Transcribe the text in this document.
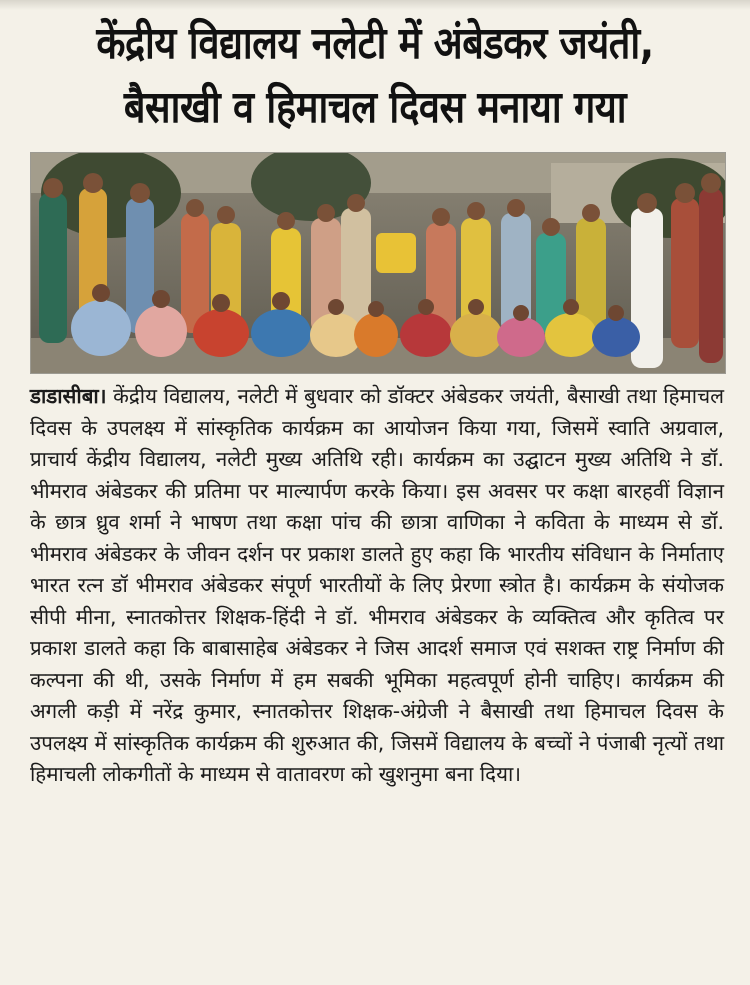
केंद्रीय विद्यालय नलेटी में अंबेडकर जयंती,
बैसाखी व हिमाचल दिवस मनाया गया
डाडासीबा। केंद्रीय विद्यालय, नलेटी में बुधवार को डॉक्टर अंबेडकर जयंती, बैसाखी तथा हिमाचल दिवस के उपलक्ष्य में सांस्कृतिक कार्यक्रम का आयोजन किया गया, जिसमें स्वाति अग्रवाल, प्राचार्य केंद्रीय विद्यालय, नलेटी मुख्य अतिथि रही। कार्यक्रम का उद्घाटन मुख्य अतिथि ने डॉ. भीमराव अंबेडकर की प्रतिमा पर माल्यार्पण करके किया। इस अवसर पर कक्षा बारहवीं विज्ञान के छात्र ध्रुव शर्मा ने भाषण तथा कक्षा पांच की छात्रा वाणिका ने कविता के माध्यम से डॉ. भीमराव अंबेडकर के जीवन दर्शन पर प्रकाश डालते हुए कहा कि भारतीय संविधान के निर्माताए भारत रत्न डॉ भीमराव अंबेडकर संपूर्ण भारतीयों के लिए प्रेरणा स्त्रोत है। कार्यक्रम के संयोजक सीपी मीना, स्नातकोत्तर शिक्षक-हिंदी ने डॉ. भीमराव अंबेडकर के व्यक्तित्व और कृतित्व पर प्रकाश डालते कहा कि बाबासाहेब अंबेडकर ने जिस आदर्श समाज एवं सशक्त राष्ट्र निर्माण की कल्पना की थी, उसके निर्माण में हम सबकी भूमिका महत्वपूर्ण होनी चाहिए। कार्यक्रम की अगली कड़ी में नरेंद्र कुमार, स्नातकोत्तर शिक्षक-अंग्रेजी ने बैसाखी तथा हिमाचल दिवस के उपलक्ष्य में सांस्कृतिक कार्यक्रम की शुरुआत की, जिसमें विद्यालय के बच्चों ने पंजाबी नृत्यों तथा हिमाचली लोकगीतों के माध्यम से वातावरण को खुशनुमा बना दिया।
